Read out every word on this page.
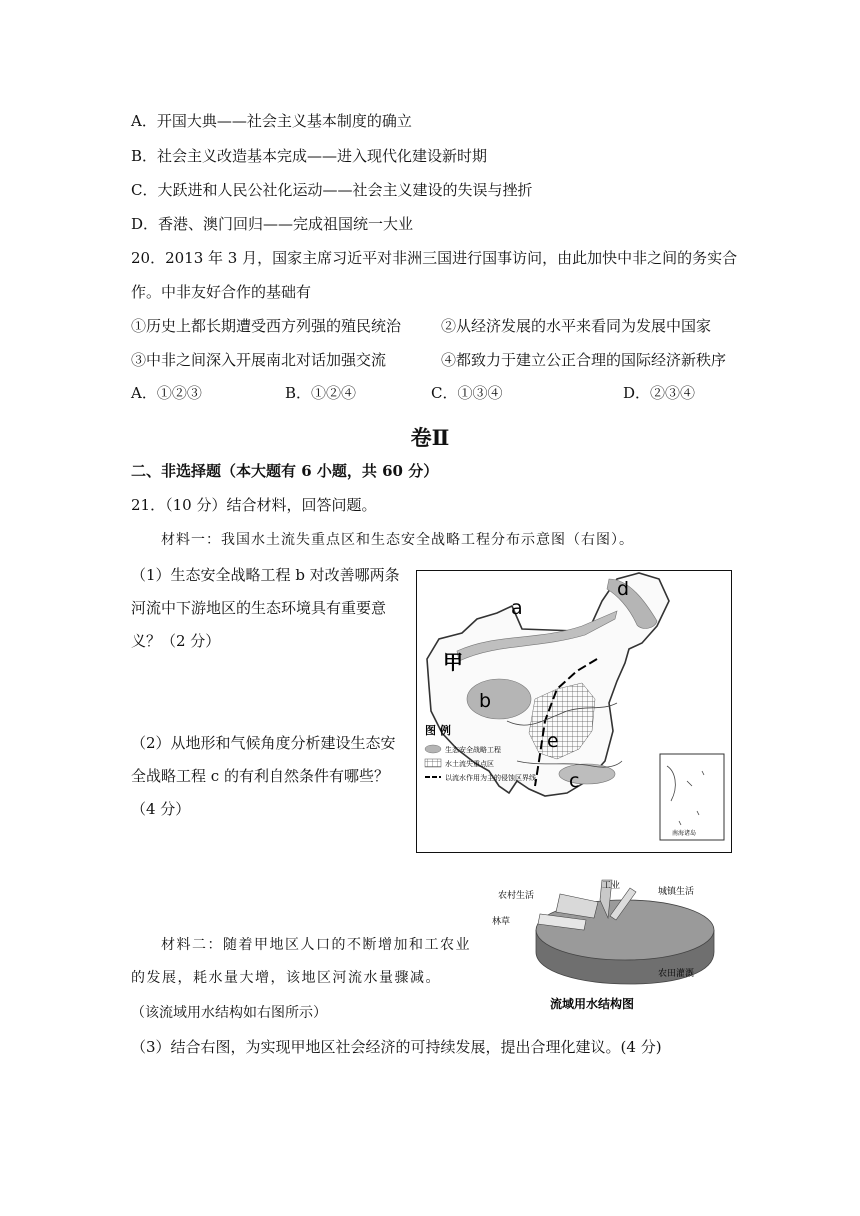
A．开国大典——社会主义基本制度的确立
B．社会主义改造基本完成——进入现代化建设新时期
C．大跃进和人民公社化运动——社会主义建设的失误与挫折
D．香港、澳门回归——完成祖国统一大业
20．2013 年 3 月，国家主席习近平对非洲三国进行国事访问，由此加快中非之间的务实合
作。中非友好合作的基础有
①历史上都长期遭受西方列强的殖民统治	②从经济发展的水平来看同为发展中国家
③中非之间深入开展南北对话加强交流	④都致力于建立公正合理的国际经济新秩序
A．①②③	B．①②④	C．①③④	D．②③④
卷Ⅱ
二、非选择题（本大题有 6 小题，共 60 分）
21．（10 分）结合材料，回答问题。
材料一：我国水土流失重点区和生态安全战略工程分布示意图（右图）。
（1）生态安全战略工程 b 对改善哪两条河流中下游地区的生态环境具有重要意义？（2 分）
（2）从地形和气候角度分析建设生态安全战略工程 c 的有利自然条件有哪些？（4 分）
图 例
生态安全战略工程
水土流失重点区
以流水作用为主的侵蚀区界线
a
b
c
d
e
甲
南海诸岛
材料二：随着甲地区人口的不断增加和工农业
的发展，耗水量大增，该地区河流水量骤减。
（该流域用水结构如右图所示）
（3）结合右图，为实现甲地区社会经济的可持续发展，提出合理化建议。(4 分)
农村生活
工业
城镇生活
林草
农田灌溉
流域用水结构图
